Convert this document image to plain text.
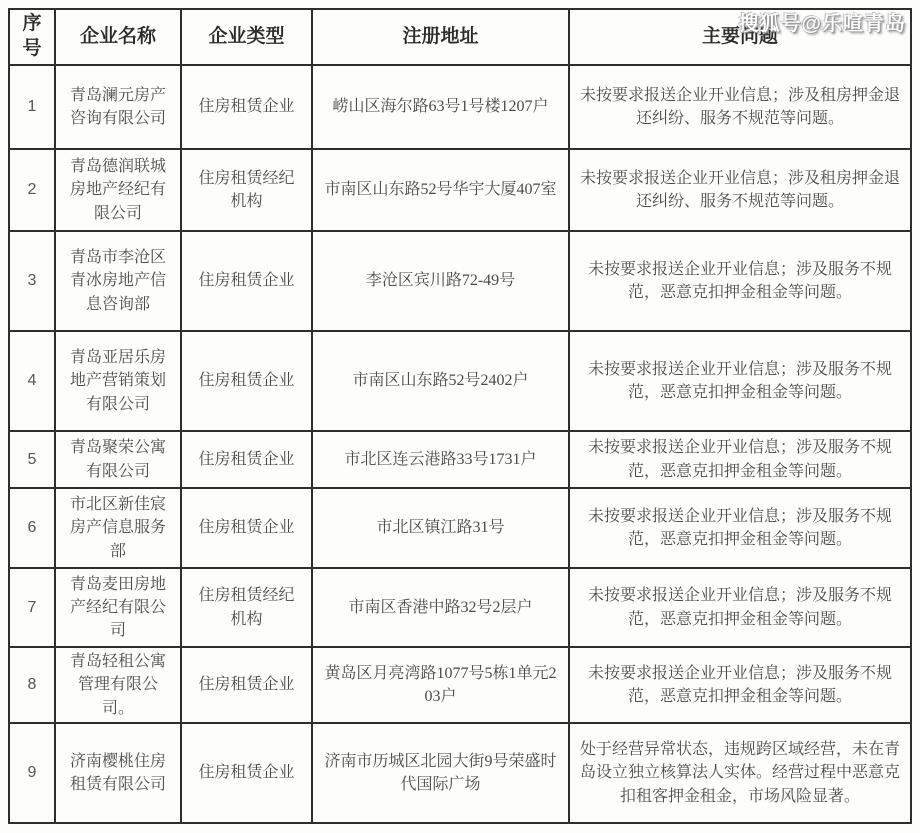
序号	企业名称	企业类型	注册地址	主要问题
1	青岛澜元房产咨询有限公司	住房租赁企业	崂山区海尔路63号1号楼1207户	未按要求报送企业开业信息；涉及租房押金退还纠纷、服务不规范等问题。
2	青岛德润联城房地产经纪有限公司	住房租赁经纪机构	市南区山东路52号华宇大厦407室	未按要求报送企业开业信息；涉及租房押金退还纠纷、服务不规范等问题。
3	青岛市李沧区青冰房地产信息咨询部	住房租赁企业	李沧区宾川路72-49号	未按要求报送企业开业信息；涉及服务不规范，恶意克扣押金租金等问题。
4	青岛亚居乐房地产营销策划有限公司	住房租赁企业	市南区山东路52号2402户	未按要求报送企业开业信息；涉及服务不规范，恶意克扣押金租金等问题。
5	青岛聚荣公寓有限公司	住房租赁企业	市北区连云港路33号1731户	未按要求报送企业开业信息；涉及服务不规范，恶意克扣押金租金等问题。
6	市北区新佳宸房产信息服务部	住房租赁企业	市北区镇江路31号	未按要求报送企业开业信息；涉及服务不规范，恶意克扣押金租金等问题。
7	青岛麦田房地产经纪有限公司	住房租赁经纪机构	市南区香港中路32号2层户	未按要求报送企业开业信息；涉及服务不规范，恶意克扣押金租金等问题。
8	青岛轻租公寓管理有限公司。	住房租赁企业	黄岛区月亮湾路1077号5栋1单元203户	未按要求报送企业开业信息；涉及服务不规范，恶意克扣押金租金等问题。
9	济南樱桃住房租赁有限公司	住房租赁企业	济南市历城区北园大街9号荣盛时代国际广场	处于经营异常状态，违规跨区域经营，未在青岛设立独立核算法人实体。经营过程中恶意克扣租客押金租金，市场风险显著。
搜狐号@乐喧青岛
